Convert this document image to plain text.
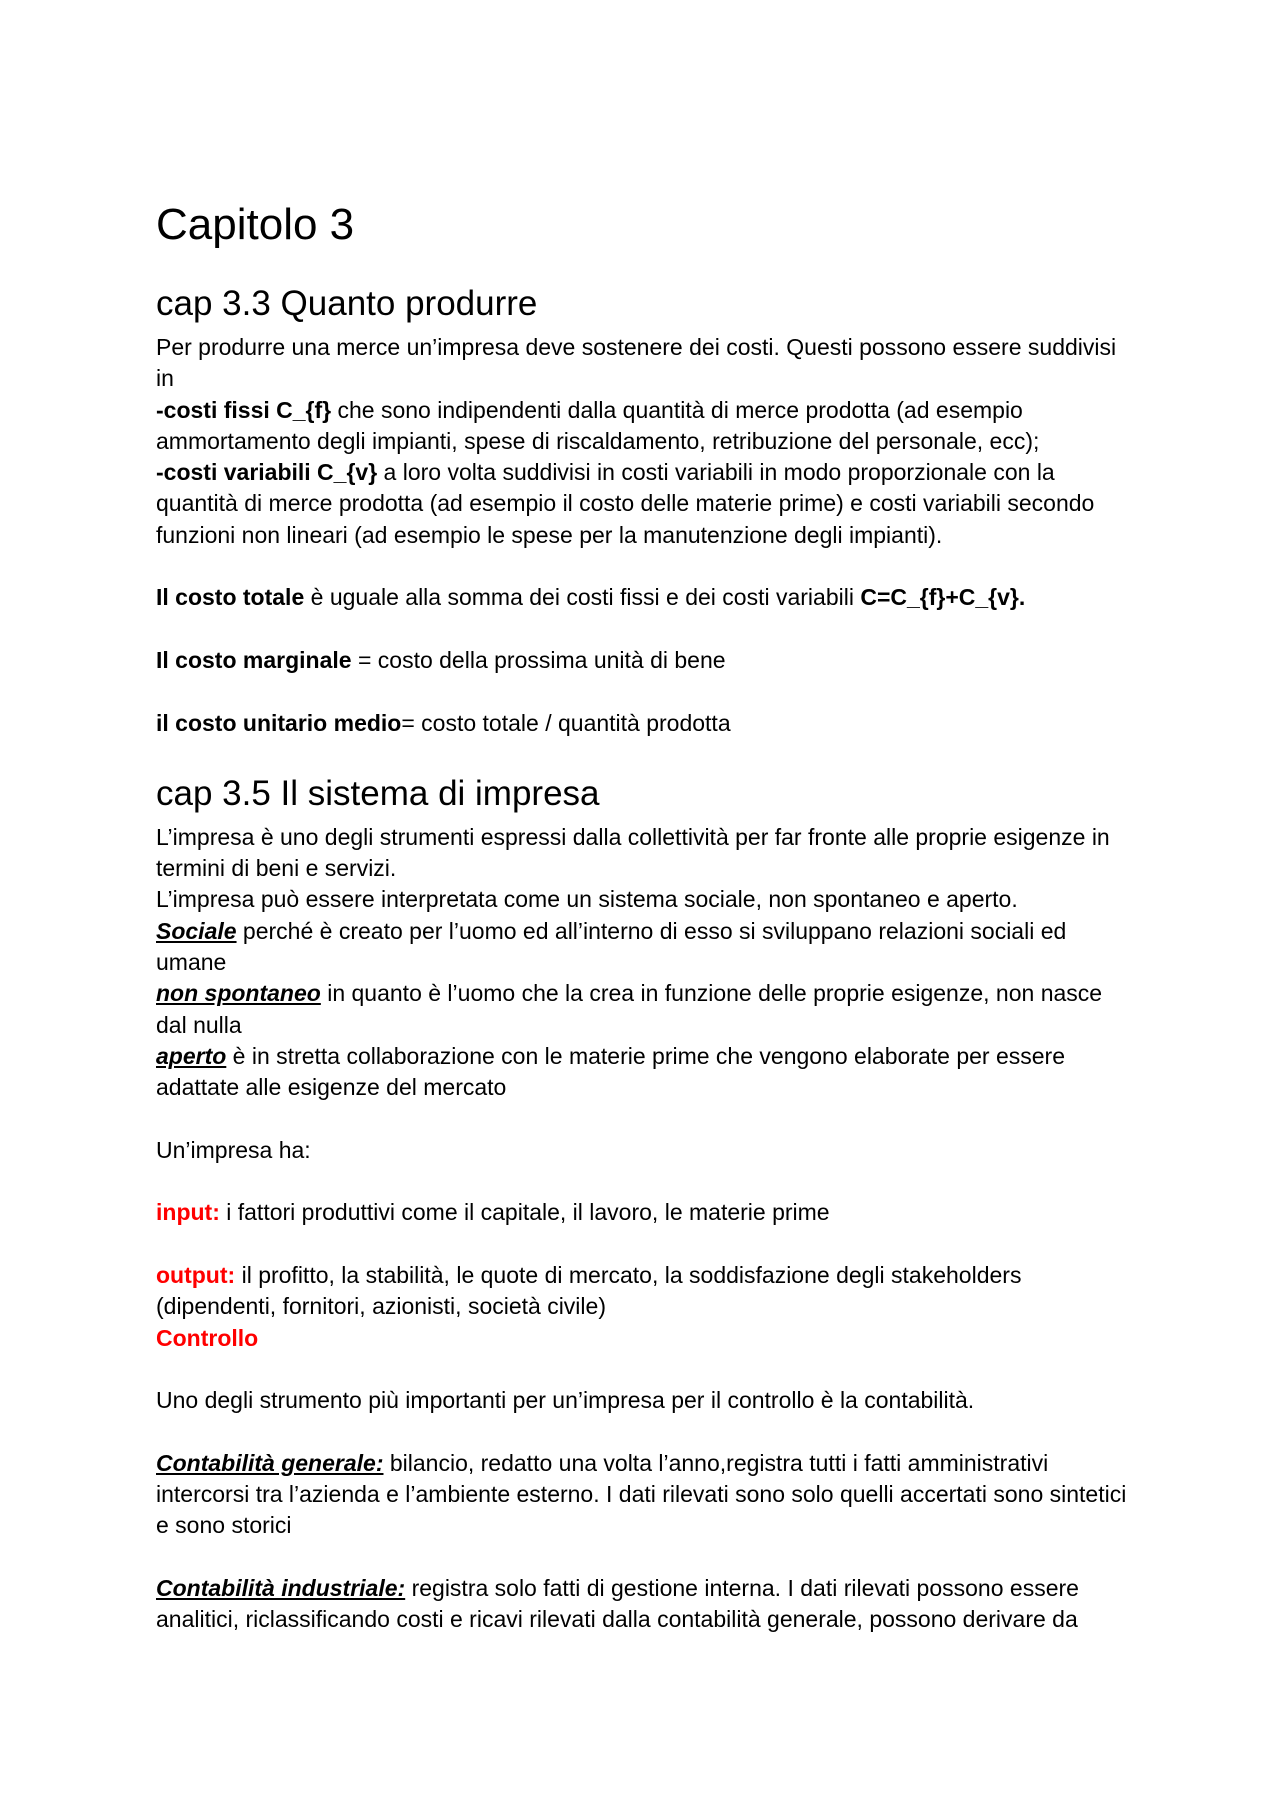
Capitolo 3
cap 3.3 Quanto produrre

Per produrre una merce un’impresa deve sostenere dei costi. Questi possono essere suddivisi in

-costi fissi C_{f} che sono indipendenti dalla quantità di merce prodotta (ad esempio ammortamento degli impianti, spese di riscaldamento, retribuzione del personale, ecc);

-costi variabili C_{v} a loro volta suddivisi in costi variabili in modo proporzionale con la quantità di merce prodotta (ad esempio il costo delle materie prime) e costi variabili secondo funzioni non lineari (ad esempio le spese per la manutenzione degli impianti).

Il costo totale è uguale alla somma dei costi fissi e dei costi variabili C=C_{f}+C_{v}.

Il costo marginale = costo della prossima unità di bene

il costo unitario medio= costo totale / quantità prodotta

cap 3.5 Il sistema di impresa

L’impresa è uno degli strumenti espressi dalla collettività per far fronte alle proprie esigenze in termini di beni e servizi.

L’impresa può essere interpretata come un sistema sociale, non spontaneo e aperto.

Sociale perché è creato per l’uomo ed all’interno di esso si sviluppano relazioni sociali ed umane

non spontaneo in quanto è l’uomo che la crea in funzione delle proprie esigenze, non nasce dal nulla

aperto è in stretta collaborazione con le materie prime che vengono elaborate per essere adattate alle esigenze del mercato

Un’impresa ha:

input: i fattori produttivi come il capitale, il lavoro, le materie prime

output: il profitto, la stabilità, le quote di mercato, la soddisfazione degli stakeholders (dipendenti, fornitori, azionisti, società civile)

Controllo

Uno degli strumento più importanti per un’impresa per il controllo è la contabilità.

Contabilità generale: bilancio, redatto una volta l’anno,registra tutti i fatti amministrativi intercorsi tra l’azienda e l’ambiente esterno. I dati rilevati sono solo quelli accertati sono sintetici e sono storici

Contabilità industriale: registra solo fatti di gestione interna. I dati rilevati possono essere analitici, riclassificando costi e ricavi rilevati dalla contabilità generale, possono derivare da
